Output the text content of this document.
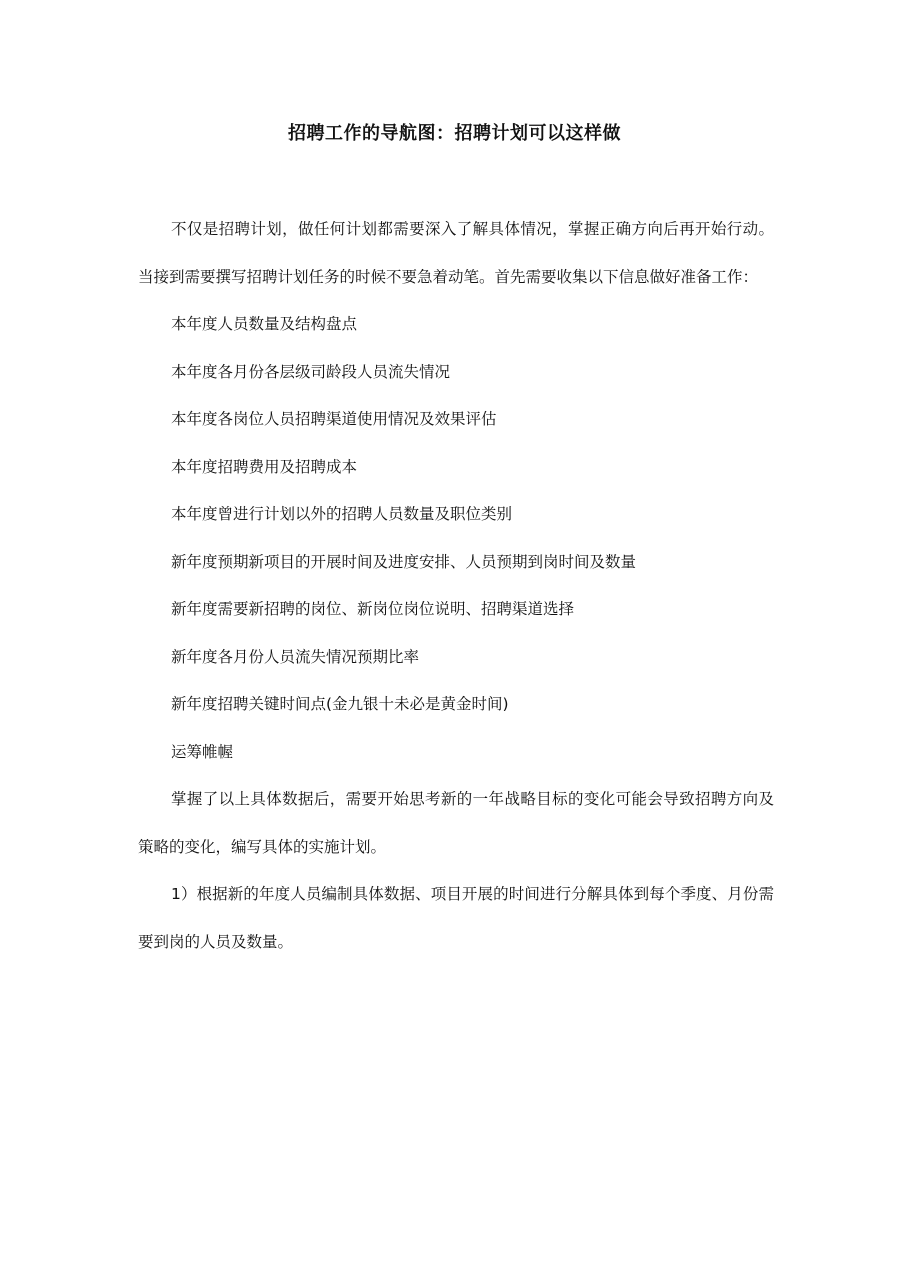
招聘工作的导航图：招聘计划可以这样做

不仅是招聘计划，做任何计划都需要深入了解具体情况，掌握正确方向后再开始行动。当接到需要撰写招聘计划任务的时候不要急着动笔。首先需要收集以下信息做好准备工作：

本年度人员数量及结构盘点

本年度各月份各层级司龄段人员流失情况

本年度各岗位人员招聘渠道使用情况及效果评估

本年度招聘费用及招聘成本

本年度曾进行计划以外的招聘人员数量及职位类别

新年度预期新项目的开展时间及进度安排、人员预期到岗时间及数量

新年度需要新招聘的岗位、新岗位岗位说明、招聘渠道选择

新年度各月份人员流失情况预期比率

新年度招聘关键时间点(金九银十未必是黄金时间)

运筹帷幄

掌握了以上具体数据后，需要开始思考新的一年战略目标的变化可能会导致招聘方向及策略的变化，编写具体的实施计划。

1）根据新的年度人员编制具体数据、项目开展的时间进行分解具体到每个季度、月份需要到岗的人员及数量。
